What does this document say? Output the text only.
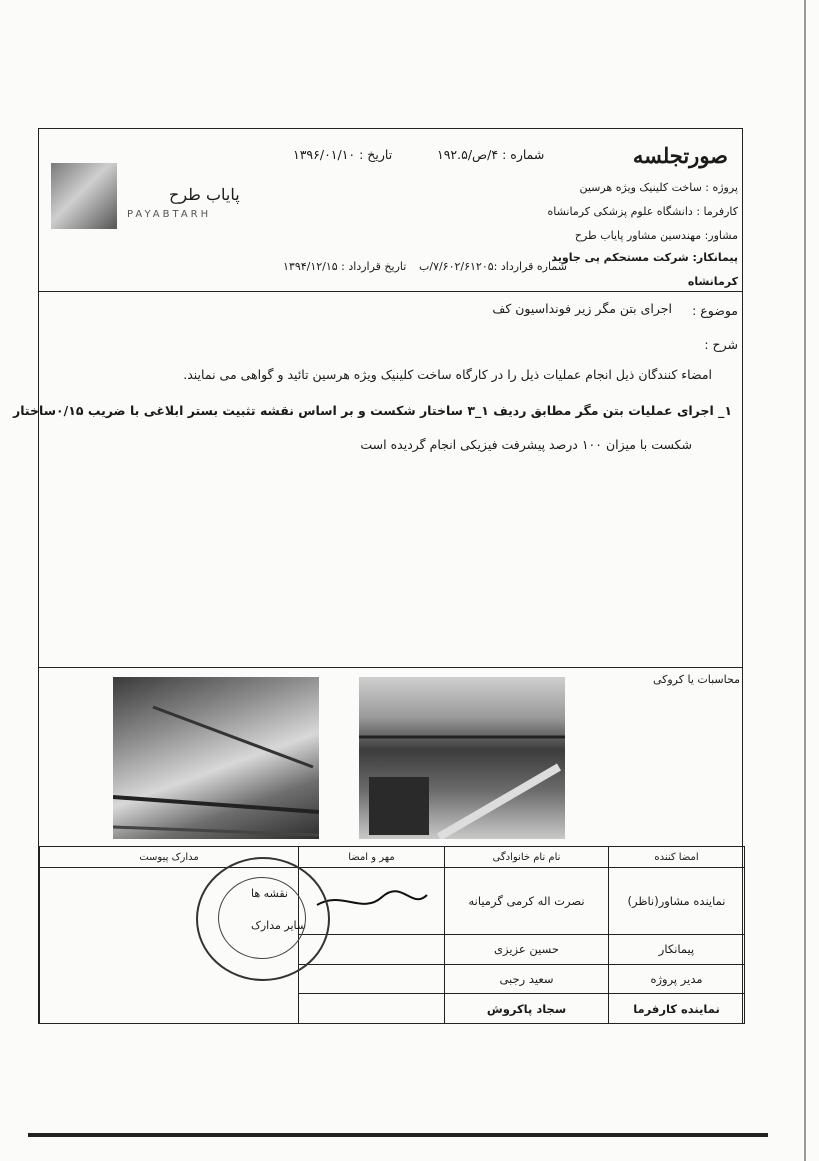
صورتجلسه
شماره : ۴/ص/۱۹۲.۵
تاریخ : ۱۳۹۶/۰۱/۱۰
پایاب طرح
PAYABTARH
پروژه : ساخت کلینیک ویژه هرسین
کارفرما : دانشگاه علوم پزشکی کرمانشاه
مشاور: مهندسین مشاور پایاب طرح
پیمانکار: شرکت مستحکم پی جاوید
شماره قرارداد :۷/۶۰۲/۶۱۲۰۵/ب
تاریخ قرارداد : ۱۳۹۴/۱۲/۱۵
کرمانشاه
موضوع :
اجرای بتن مگر زیر فونداسیون کف
شرح :
امضاء کنندگان ذیل انجام عملیات ذیل را در کارگاه ساخت کلینیک ویژه هرسین تائید و گواهی می نمایند.
۱_ اجرای عملیات بتن مگر مطابق ردیف ۱_۳ ساختار شکست و بر اساس نقشه تثبیت بستر ابلاغی با ضریب ۰/۱۵ساختار
شکست با میزان ۱۰۰ درصد پیشرفت فیزیکی انجام گردیده است
محاسبات یا کروکی
امضا کننده	نام نام خانوادگی	مهر و امضا	مدارک پیوست
نماینده مشاور(ناظر)	نصرت اله کرمی گرمیانه		
پیمانکار	حسین عزیزی		
مدیر پروژه	سعید رجبی		
نماینده کارفرما	سجاد پاکروش		
نقشه ها
سایر مدارک
